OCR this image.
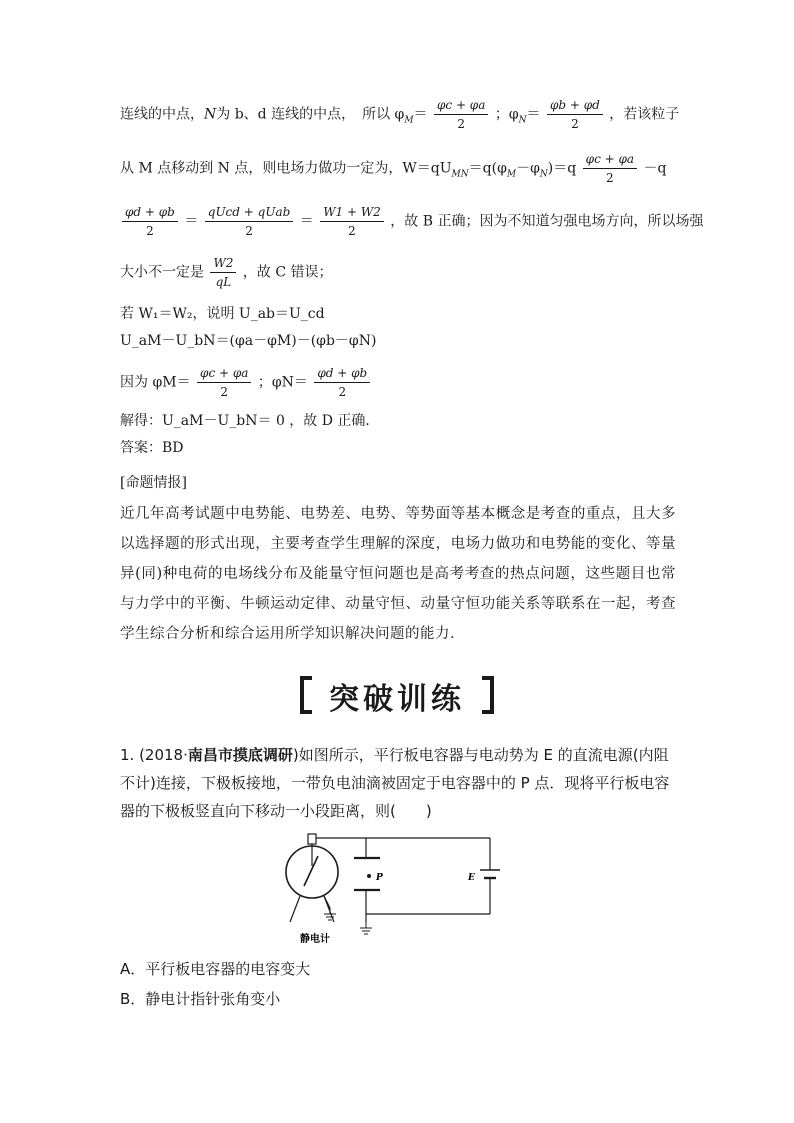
连线的中点，N为 b、d 连线的中点，　所以 $\varphi_M= \frac{\varphi c + \varphi a}{2}$ ；$\varphi_N= \frac{\varphi b + \varphi d}{2}$ ，若该粒子
从 M 点移动到 N 点，则电场力做功一定为，$W=qU_{MN}=q(\varphi_M-\varphi_N)=q \frac{\varphi c + \varphi a}{2} -q$
$\frac{\varphi d + \varphi b}{2} = \frac{\text{qUcd + qUab}}{2} = \frac{W1 + W2}{2}$ ，故 B 正确；因为不知道匀强电场方向，所以场强
大小不一定是 $\frac{W2}{qL}$ ，故 C 错误；
若 W₁＝W₂，说明 U_ab＝U_cd
U_aM－U_bN＝(φa－φM)－(φb－φN)
因为 $\varphi M= \frac{\varphi c + \varphi a}{2}$ ；$\varphi N= \frac{\varphi d + \varphi b}{2}$
解得：U_aM－U_bN＝ 0 ，故 D 正确．
答案：BD
[命题情报]
近几年高考试题中电势能、电势差、电势、等势面等基本概念是考查的重点，且大多以选择题的形式出现，主要考查学生理解的深度，电场力做功和电势能的变化、等量异(同)种电荷的电场线分布及能量守恒问题也是高考考查的热点问题，这些题目也常与力学中的平衡、牛顿运动定律、动量守恒、动量守恒功能关系等联系在一起，考查学生综合分析和综合运用所学知识解决问题的能力．
突破训练
1. (2018·南昌市摸底调研)如图所示，平行板电容器与电动势为 E 的直流电源(内阻不计)连接，下极板接地，一带负电油滴被固定于电容器中的 P 点．现将平行板电容器的下极板竖直向下移动一小段距离，则(　　)
P	E
静电计
A．平行板电容器的电容变大
B．静电计指针张角变小
